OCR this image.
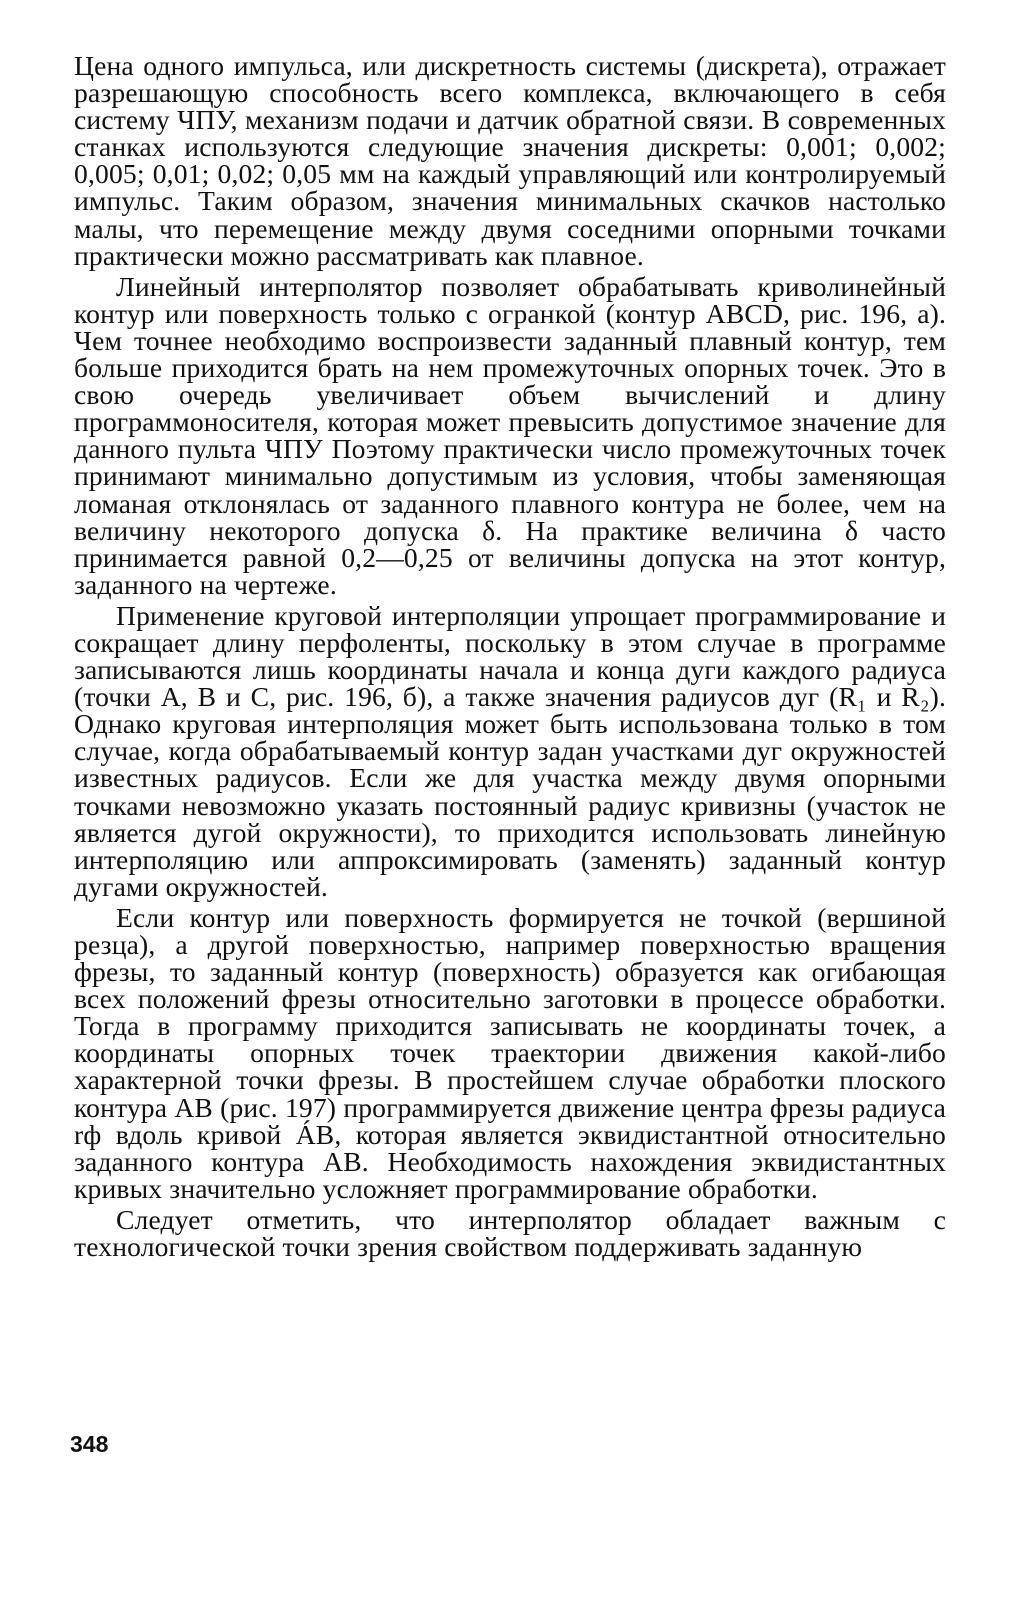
Цена одного импульса, или дискретность системы (дискрета), отражает разрешающую способность всего комплекса, включающего в себя систему ЧПУ, механизм подачи и датчик обратной связи. В современных станках используются следующие значения дискреты: 0,001; 0,002; 0,005; 0,01; 0,02; 0,05 мм на каждый управляющий или контролируемый импульс. Таким образом, значения минимальных скачков настолько малы, что перемещение между двумя соседними опорными точками практически можно рассматривать как плавное.

Линейный интерполятор позволяет обрабатывать криволинейный контур или поверхность только с огранкой (контур ABCD, рис. 196, а). Чем точнее необходимо воспроизвести заданный плавный контур, тем больше приходится брать на нем промежуточных опорных точек. Это в свою очередь увеличивает объем вычислений и длину программоносителя, которая может превысить допустимое значение для данного пульта ЧПУ Поэтому практически число промежуточных точек принимают минимально допустимым из условия, чтобы заменяющая ломаная отклонялась от заданного плавного контура не более, чем на величину некоторого допуска δ. На практике величина δ часто принимается равной 0,2—0,25 от величины допуска на этот контур, заданного на чертеже.

Применение круговой интерполяции упрощает программирование и сокращает длину перфоленты, поскольку в этом случае в программе записываются лишь координаты начала и конца дуги каждого радиуса (точки A, B и C, рис. 196, б), а также значения радиусов дуг (R₁ и R₂). Однако круговая интерполяция может быть использована только в том случае, когда обрабатываемый контур задан участками дуг окружностей известных радиусов. Если же для участка между двумя опорными точками невозможно указать постоянный радиус кривизны (участок не является дугой окружности), то приходится использовать линейную интерполяцию или аппроксимировать (заменять) заданный контур дугами окружностей.

Если контур или поверхность формируется не точкой (вершиной резца), а другой поверхностью, например поверхностью вращения фрезы, то заданный контур (поверхность) образуется как огибающая всех положений фрезы относительно заготовки в процессе обработки. Тогда в программу приходится записывать не координаты точек, а координаты опорных точек траектории движения какой-либо характерной точки фрезы. В простейшем случае обработки плоского контура AB (рис. 197) программируется движение центра фрезы радиуса rф вдоль кривой ÁB, которая является эквидистантной относительно заданного контура AB. Необходимость нахождения эквидистантных кривых значительно усложняет программирование обработки.

Следует отметить, что интерполятор обладает важным с технологической точки зрения свойством поддерживать заданную

348
